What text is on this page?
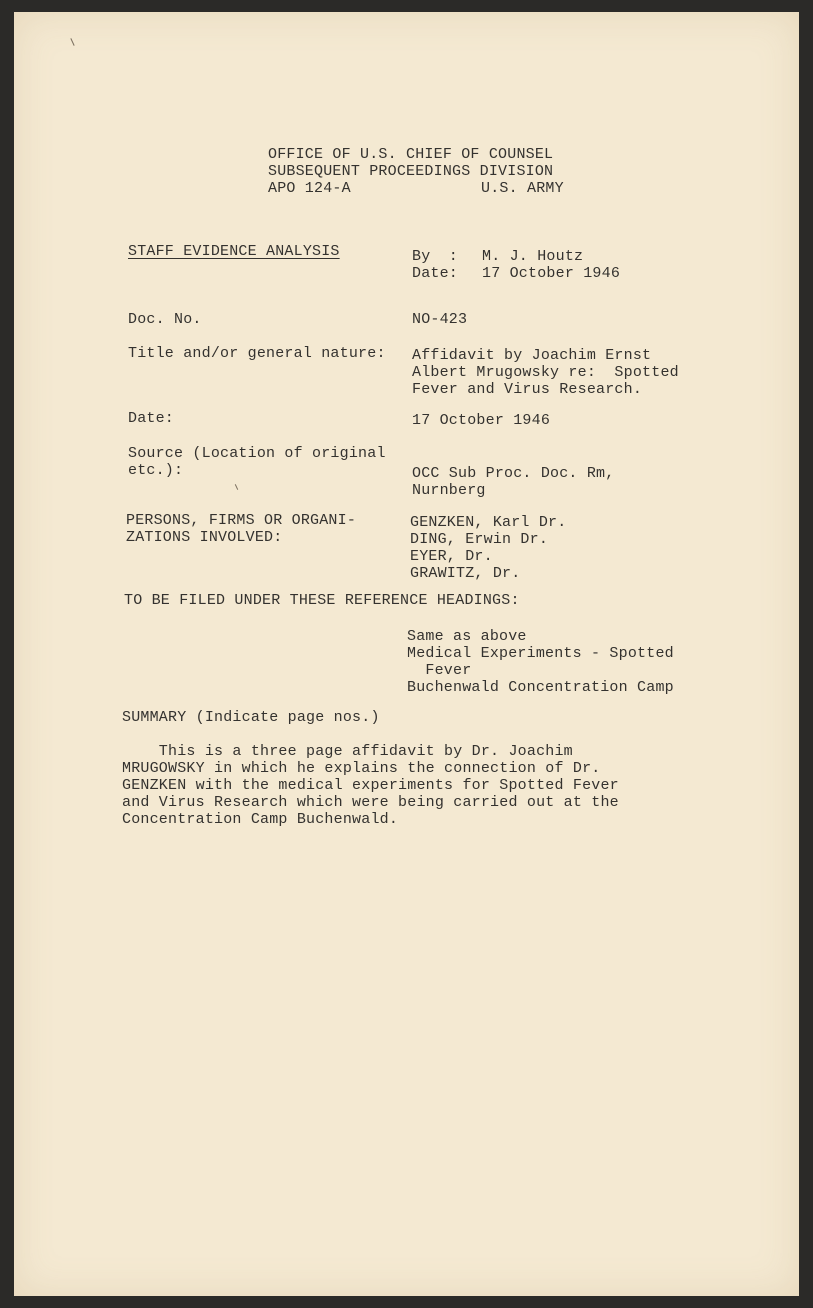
OFFICE OF U.S. CHIEF OF COUNSEL
SUBSEQUENT PROCEEDINGS DIVISION
APO 124-A	U.S. ARMY
STAFF EVIDENCE ANALYSIS	By  : M. J. Houtz
Date: 17 October 1946
Doc. No.	NO-423
Title and/or general nature: Affidavit by Joachim Ernst
Albert Mrugowsky re:  Spotted
Fever and Virus Research.
Date:	17 October 1946
Source (Location of original
etc.):	OCC Sub Proc. Doc. Rm,
Nurnberg
PERSONS, FIRMS OR ORGANI-
ZATIONS INVOLVED:
GENZKEN, Karl Dr.
DING, Erwin Dr.
EYER, Dr.
GRAWITZ, Dr.
TO BE FILED UNDER THESE REFERENCE HEADINGS:
Same as above
Medical Experiments - Spotted
Fever
Buchenwald Concentration Camp
SUMMARY (Indicate page nos.)
This is a three page affidavit by Dr. Joachim
MRUGOWSKY in which he explains the connection of Dr.
GENZKEN with the medical experiments for Spotted Fever
and Virus Research which were being carried out at the
Concentration Camp Buchenwald.
